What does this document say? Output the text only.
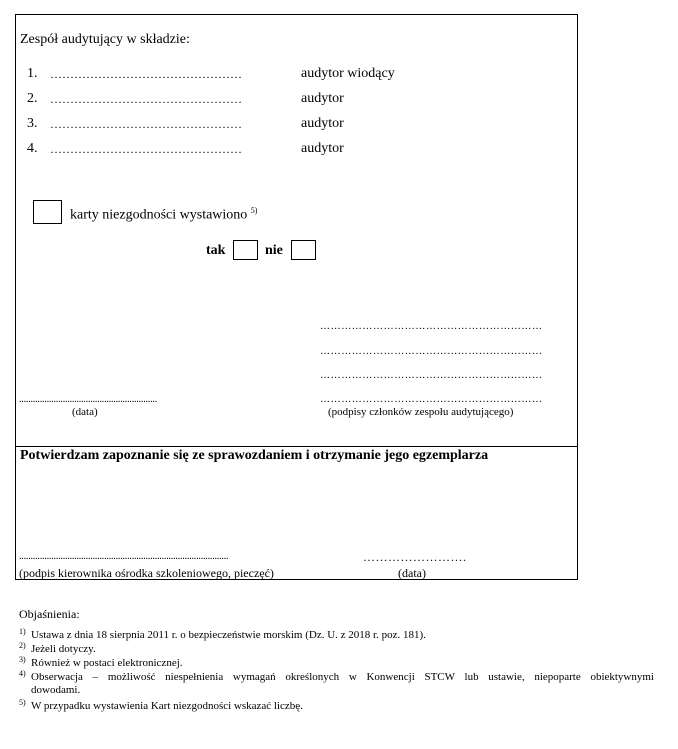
Zespół audytujący w składzie:
1. …………………………………………	audytor wiodący
2. …………………………………………	audytor
3. …………………………………………	audytor
4. …………………………………………	audytor
karty niezgodności wystawiono $^{5)}$
tak	nie
………………………………………………………
………………………………………………………
………………………………………………………
………………………………………………………
............................................................
(data)	(podpisy członków zespołu audytującego)
Potwierdzam zapoznanie się ze sprawozdaniem i otrzymanie jego egzemplarza
...........................................................................................	…………………….
(podpis kierownika ośrodka szkoleniowego, pieczęć)	(data)
Objaśnienia:
1) Ustawa z dnia 18 sierpnia 2011 r. o bezpieczeństwie morskim (Dz. U. z 2018 r. poz. 181).
2) Jeżeli dotyczy.
3) Również w postaci elektronicznej.
4) Obserwacja – możliwość niespełnienia wymagań określonych w Konwencji STCW lub ustawie, niepoparte obiektywnymi
dowodami.
5) W przypadku wystawienia Kart niezgodności wskazać liczbę.
